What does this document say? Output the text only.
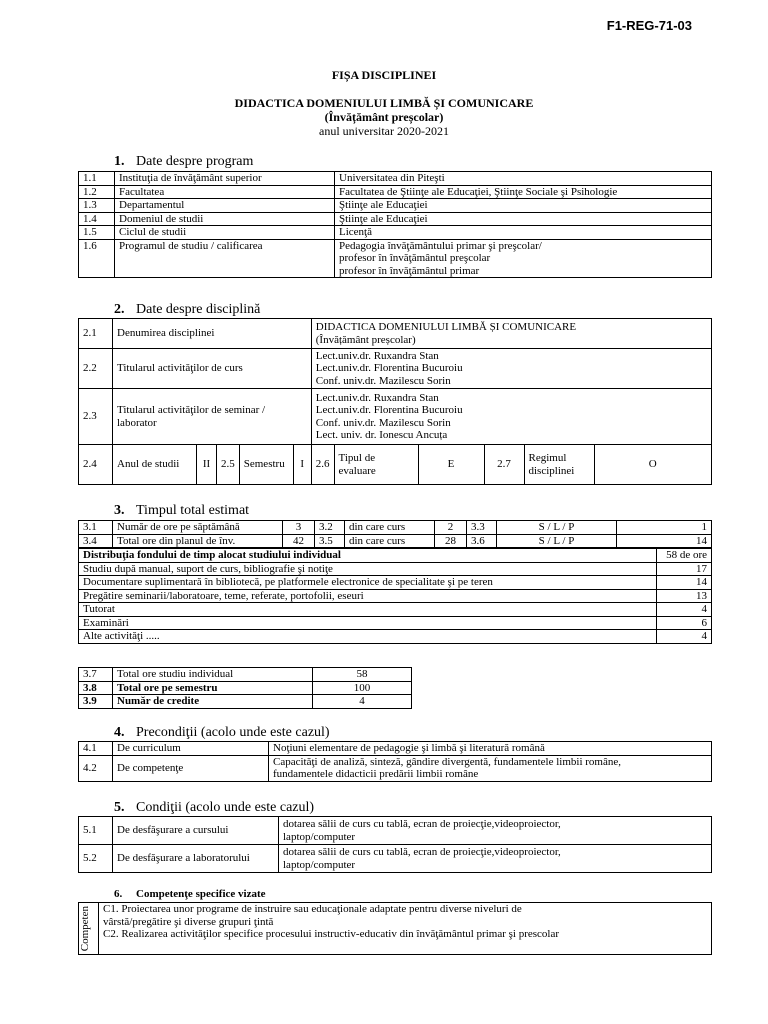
F1-REG-71-03
FIȘA DISCIPLINEI
DIDACTICA DOMENIULUI LIMBĂ ȘI COMUNICARE
(Învățământ preșcolar)
anul universitar 2020-2021
1. Date despre program
1.1	Instituţia de învăţământ superior	Universitatea din Piteşti
1.2	Facultatea	Facultatea de Ştiinţe ale Educaţiei, Ştiinţe Sociale şi Psihologie
1.3	Departamentul	Ştiinţe ale Educaţiei
1.4	Domeniul de studii	Ştiinţe ale Educaţiei
1.5	Ciclul de studii	Licenţă
1.6	Programul de studiu / calificarea	Pedagogia învăţământului primar şi preşcolar/
profesor în învăţământul preşcolar
profesor în învăţământul primar
2. Date despre disciplină
2.1	Denumirea disciplinei					DIDACTICA DOMENIULUI LIMBĂ ȘI COMUNICARE
(Învățământ preșcolar)					

2.2	Titularul activităţilor de curs					Lect.univ.dr. Ruxandra Stan
Lect.univ.dr. Florentina Bucuroiu
Conf. univ.dr. Mazilescu Sorin					

2.3	Titularul activităţilor de seminar / laborator					Lect.univ.dr. Ruxandra Stan
Lect.univ.dr. Florentina Bucuroiu
Conf. univ.dr. Mazilescu Sorin
Lect. univ. dr. Ionescu Ancuța					

2.4	Anul de studii	II	2.5	Semestru	I	2.6	Tipul de evaluare	E	2.7	Regimul disciplinei	O
3. Timpul total estimat
3.1	Număr de ore pe săptămână	3	3.2	din care curs	2	3.3	S / L / P	1
3.4	Total ore din planul de înv.	42	3.5	din care curs	28	3.6	S / L / P	14
Distribuţia fondului de timp alocat studiului individual	58 de ore
Studiu după manual, suport de curs, bibliografie şi notiţe	17
Documentare suplimentară în bibliotecă, pe platformele electronice de specialitate şi pe teren	14
Pregătire seminarii/laboratoare, teme, referate, portofolii, eseuri	13
Tutorat	4
Examinări	6
Alte activităţi .....	4
3.7	Total ore studiu individual	58
3.8	Total ore pe semestru	100
3.9	Număr de credite	4
4. Precondiţii (acolo unde este cazul)
4.1	De curriculum	Noţiuni elementare de pedagogie şi limbă şi literatură română
4.2	De competenţe	Capacităţi de analiză, sinteză, gândire divergentă, fundamentele limbii române,
fundamentele didacticii predării limbii române
5. Condiţii (acolo unde este cazul)
5.1	De desfăşurare a cursului	dotarea sălii de curs cu tablă, ecran de proiecţie,videoproiector,
laptop/computer

5.2	De desfăşurare a laboratorului	dotarea sălii de curs cu tablă, ecran de proiecţie,videoproiector,
laptop/computer
6. Competenţe specifice vizate
Competen	C1. Proiectarea unor programe de instruire sau educaţionale adaptate pentru diverse niveluri de
vârstă/pregătire şi diverse grupuri ţintă
C2. Realizarea activităţilor specifice procesului instructiv-educativ din învăţământul primar şi prescolar
